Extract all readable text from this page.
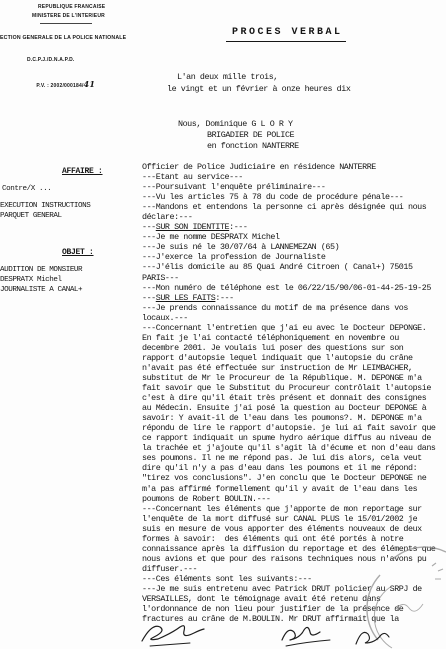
REPUBLIQUE FRANCAISE
MINISTERE DE L'INTERIEUR
ECTION GENERALE DE LA POLICE NATIONALE
D.C.P.J./D.N.A.P.D.

P.V. : 2002/000184/41

PROCES VERBAL
L'an deux mille trois,
le vingt et un février à onze heures dix
Nous, Dominique G L O R Y
BRIGADIER DE POLICE
en fonction NANTERRE
AFFAIRE :
Contre/X ...
EXECUTION INSTRUCTIONS
PARQUET GENERAL
OBJET :
AUDITION DE MONSIEUR
DESPRATX Michel
JOURNALISTE A CANAL+
Officier de Police Judiciaire en résidence NANTERRE
---Etant au service---
---Poursuivant l'enquête préliminaire---
---Vu les articles 75 à 78 du code de procédure pénale---
---Mandons et entendons la personne ci après désignée qui nous
déclare:---
---SUR SON IDENTITE:---
---Je me nomme DESPRATX Michel
---Je suis né le 30/07/64 à LANNEMEZAN (65)
---J'exerce la profession de Journaliste
---J'élis domicile au 85 Quai André Citroen ( Canal+) 75015
PARIS---
---Mon numéro de téléphone est le 06/22/15/90/06-01-44-25-19-25
---SUR LES FAITS:---
---Je prends connaissance du motif de ma présence dans vos
locaux.---
---Concernant l'entretien que j'ai eu avec le Docteur DEPONGE.
En fait je l'ai contacté téléphoniquement en novembre ou
decembre 2001. Je voulais lui poser des questions sur son
rapport d'autopsie lequel indiquait que l'autopsie du crâne
n'avait pas été effectuée sur instruction de Mr LEIMBACHER,
substitut de Mr le Procureur de la République. M. DEPONGE m'a
fait savoir que le Substitut du Procureur contrôlait l'autopsie
c'est à dire qu'il était très présent et donnait des consignes
au Médecin. Ensuite j'ai posé la question au Docteur DEPONGE à
savoir: Y avait-il de l'eau dans les poumons?. M. DEPONGE m'a
répondu de lire le rapport d'autopsie. je lui ai fait savoir que
ce rapport indiquait un spume hydro aérique diffus au niveau de
la trachée et j'ajoute qu'il s'agit là d'écume et non d'eau dans
ses poumons. Il ne me répond pas. Je lui dis alors, cela veut
dire qu'il n'y a pas d'eau dans les poumons et il me répond:
"tirez vos conclusions". J'en conclu que le Docteur DEPONGE ne
m'a pas affirmé formellement qu'il y avait de l'eau dans les
poumons de Robert BOULIN.---
---Concernant les éléments que j'apporte de mon reportage sur
l'enquête de la mort diffusé sur CANAL PLUS le 15/01/2002 je
suis en mesure de vous apporter des éléments nouveaux de deux
formes à savoir:  des éléments qui ont été portés à notre
connaissance après la diffusion du reportage et des éléments que
nous avions et que pour des raisons techniques nous n'avons pu
diffuser.---
---Ces éléments sont les suivants:---
---Je me suis entretenu avec Patrick DRUT policier au SRPJ de
VERSAILLES, dont le témoignage avait été retenu dans
l'ordonnance de non lieu pour justifier de la présence de
fractures au crâne de M.BOULIN. Mr DRUT affirmait que la
